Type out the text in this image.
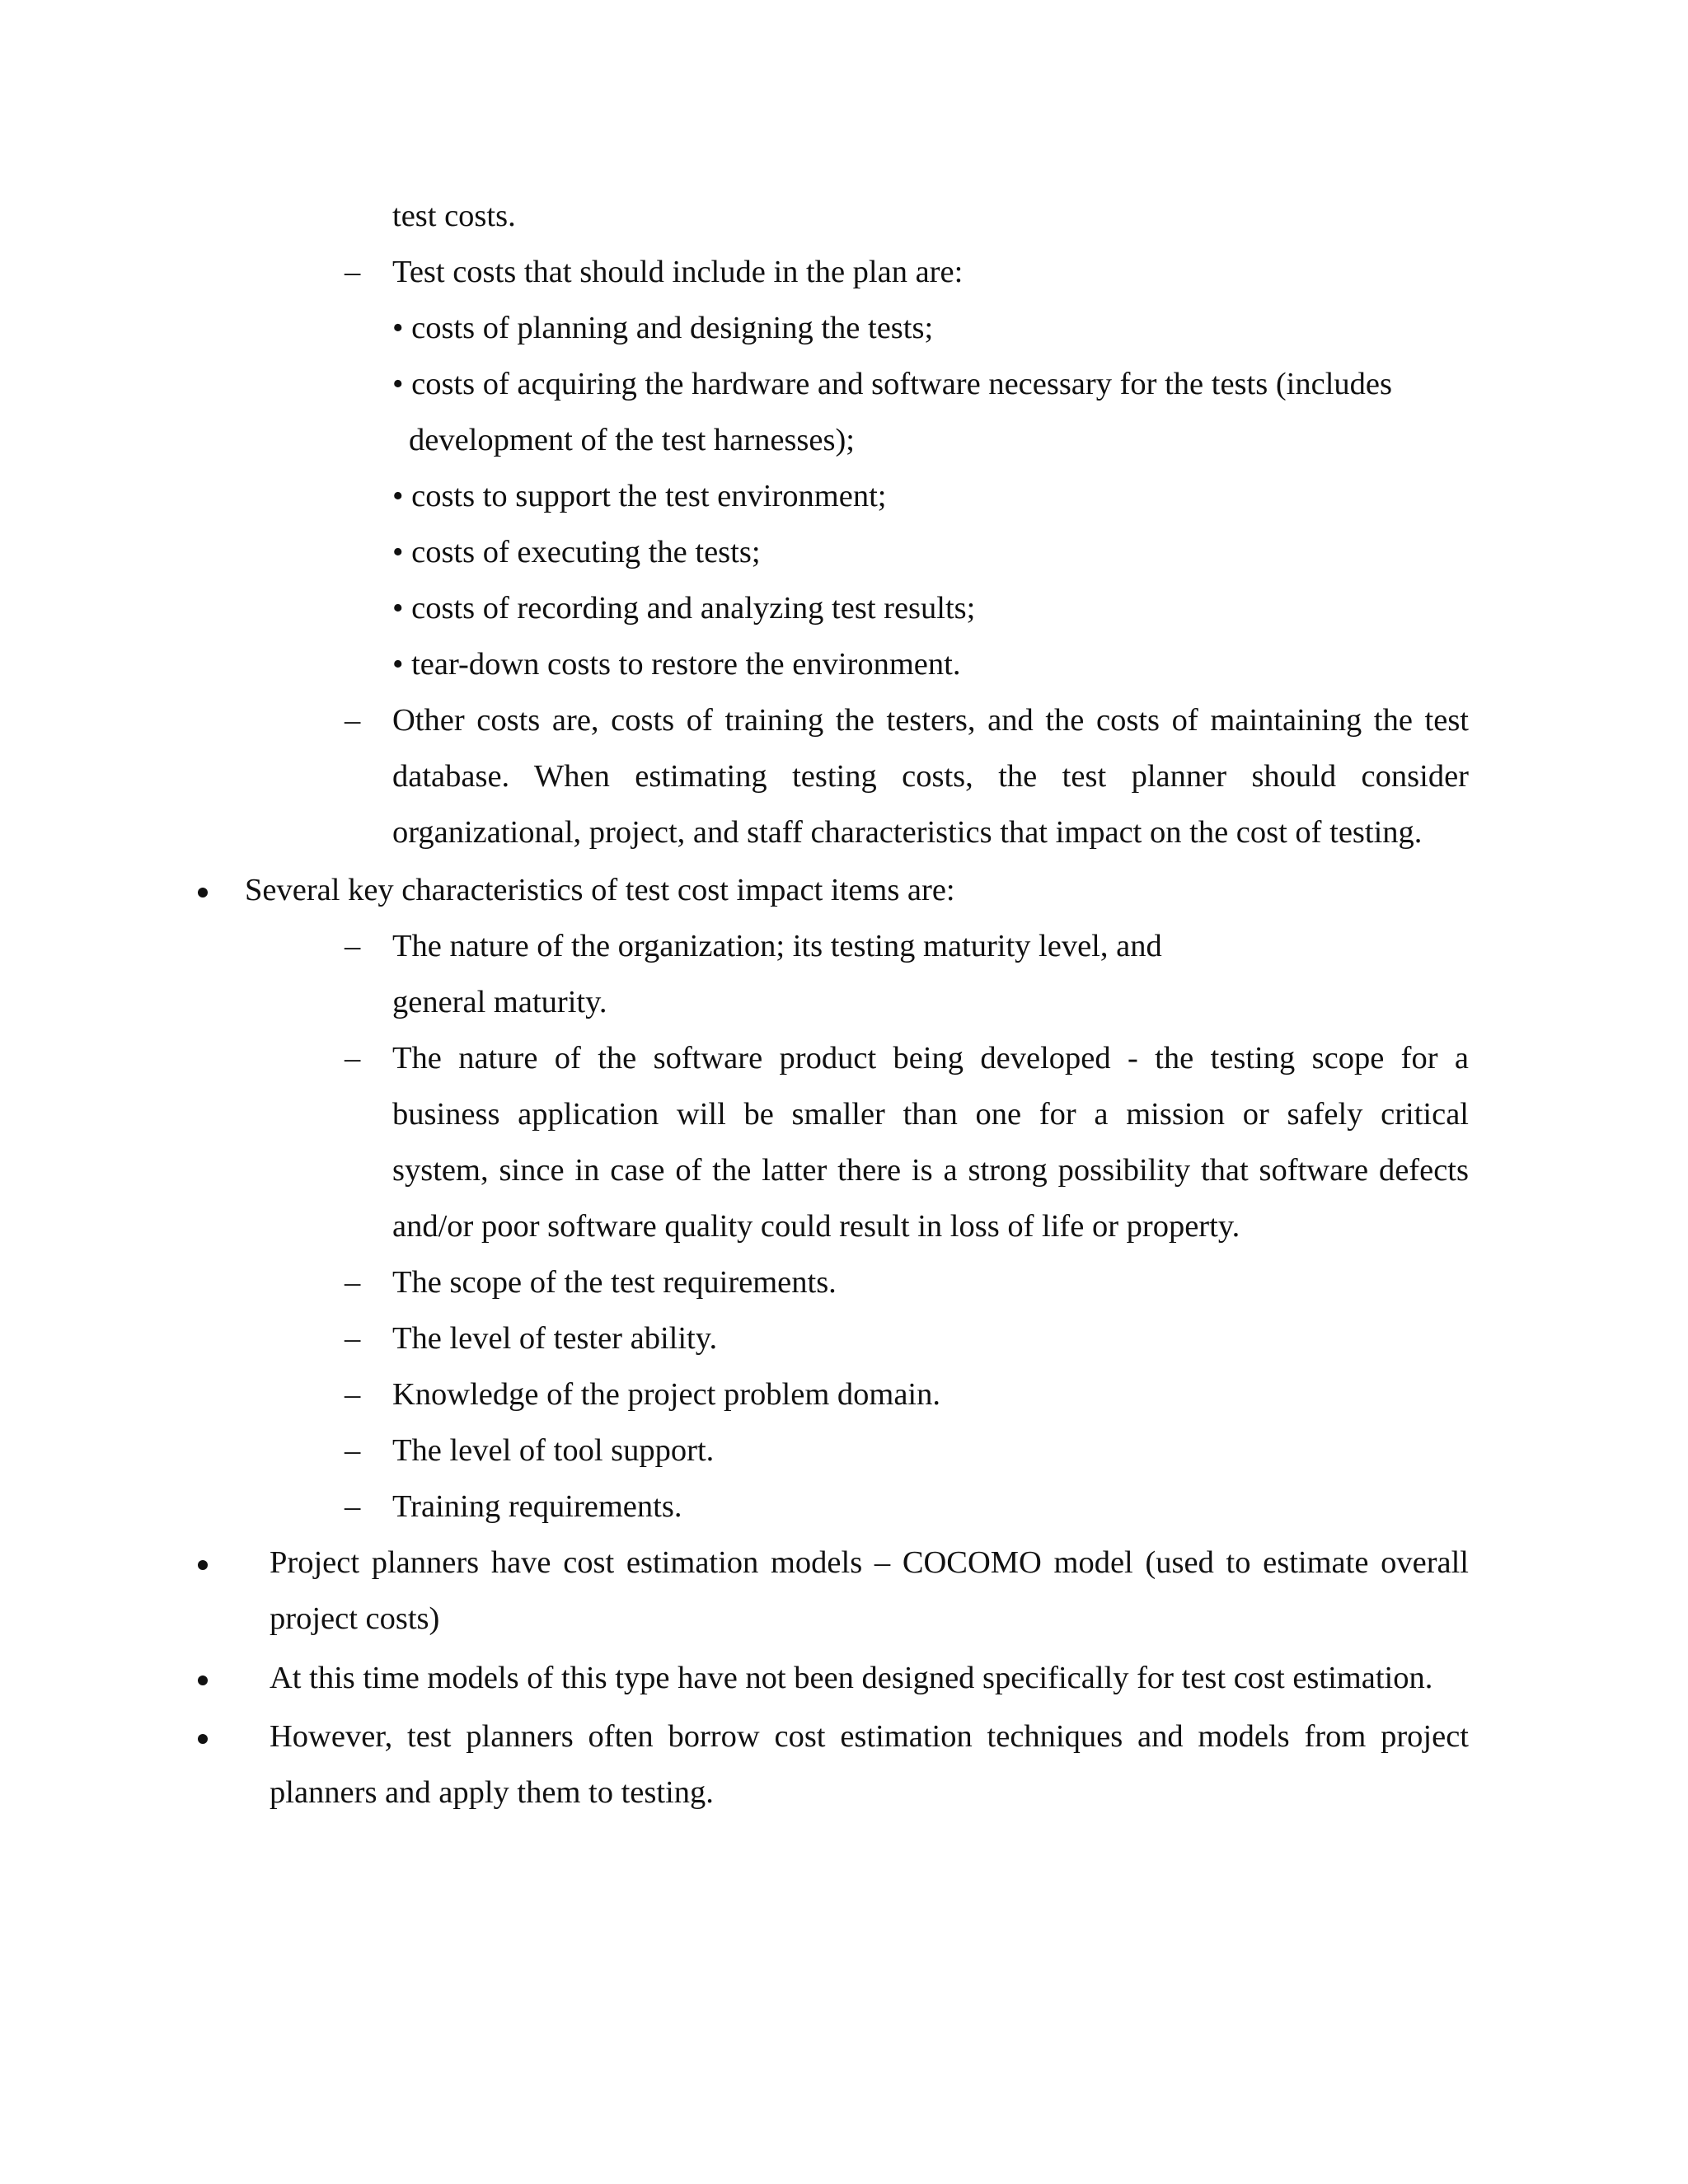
test costs.
– Test costs that should include in the plan are:
• costs of planning and designing the tests;
• costs of acquiring the hardware and software necessary for the tests (includes
development of the test harnesses);
• costs to support the test environment;
• costs of executing the tests;
• costs of recording and analyzing test results;
• tear-down costs to restore the environment.
– Other costs are, costs of training the testers, and the costs of maintaining the test
database. When estimating testing costs, the test planner should consider
organizational, project, and staff characteristics that impact on the cost of testing.
Several key characteristics of test cost impact items are:
– The nature of the organization; its testing maturity level, and
general maturity.
– The nature of the software product being developed - the testing scope for a
business application will be smaller than one for a mission or safely critical
system, since in case of the latter there is a strong possibility that software defects
and/or poor software quality could result in loss of life or property.
– The scope of the test requirements.
– The level of tester ability.
– Knowledge of the project problem domain.
– The level of tool support.
– Training requirements.
Project planners have cost estimation models – COCOMO model (used to estimate overall
project costs)
At this time models of this type have not been designed specifically for test cost estimation.
However, test planners often borrow cost estimation techniques and models from project
planners and apply them to testing.
